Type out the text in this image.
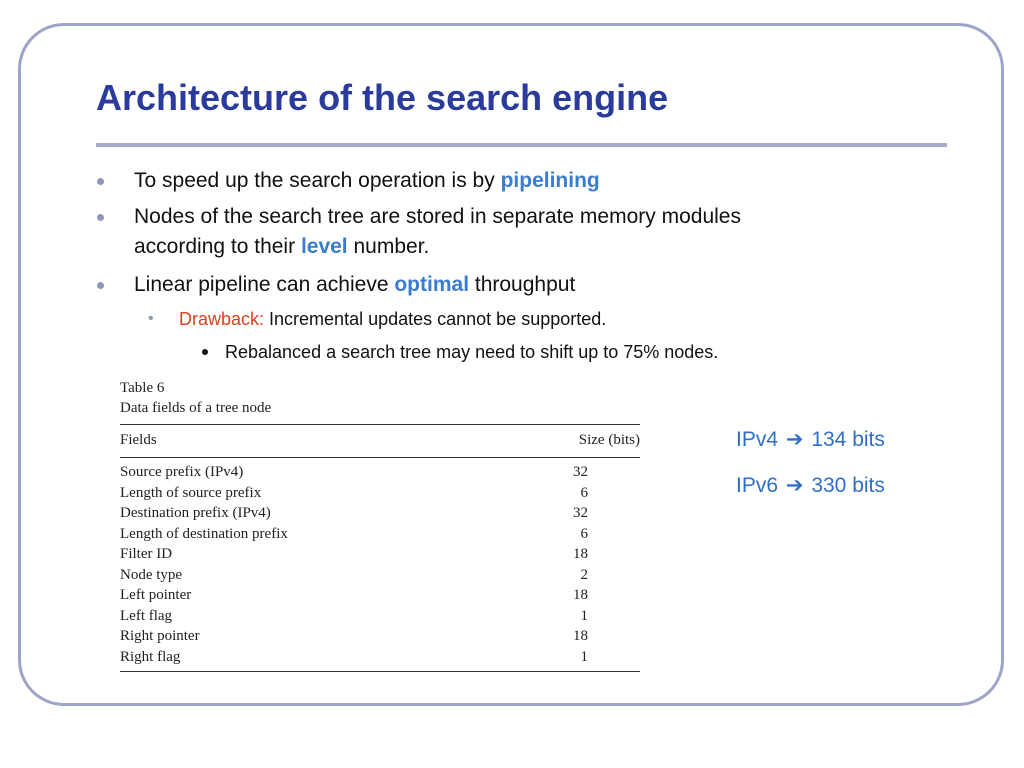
Architecture of the search engine
To speed up the search operation is by pipelining
Nodes of the search tree are stored in separate memory modules
according to their level number.
Linear pipeline can achieve optimal throughput
• Drawback: Incremental updates cannot be supported.
Rebalanced a search tree may need to shift up to 75% nodes.
Table 6
Data fields of a tree node
Fields	Size (bits)
Source prefix (IPv4)	32
Length of source prefix	6
Destination prefix (IPv4)	32
Length of destination prefix	6
Filter ID	18
Node type	2
Left pointer	18
Left flag	1
Right pointer	18
Right flag	1
IPv4 ➔ 134 bits
IPv6 ➔ 330 bits
